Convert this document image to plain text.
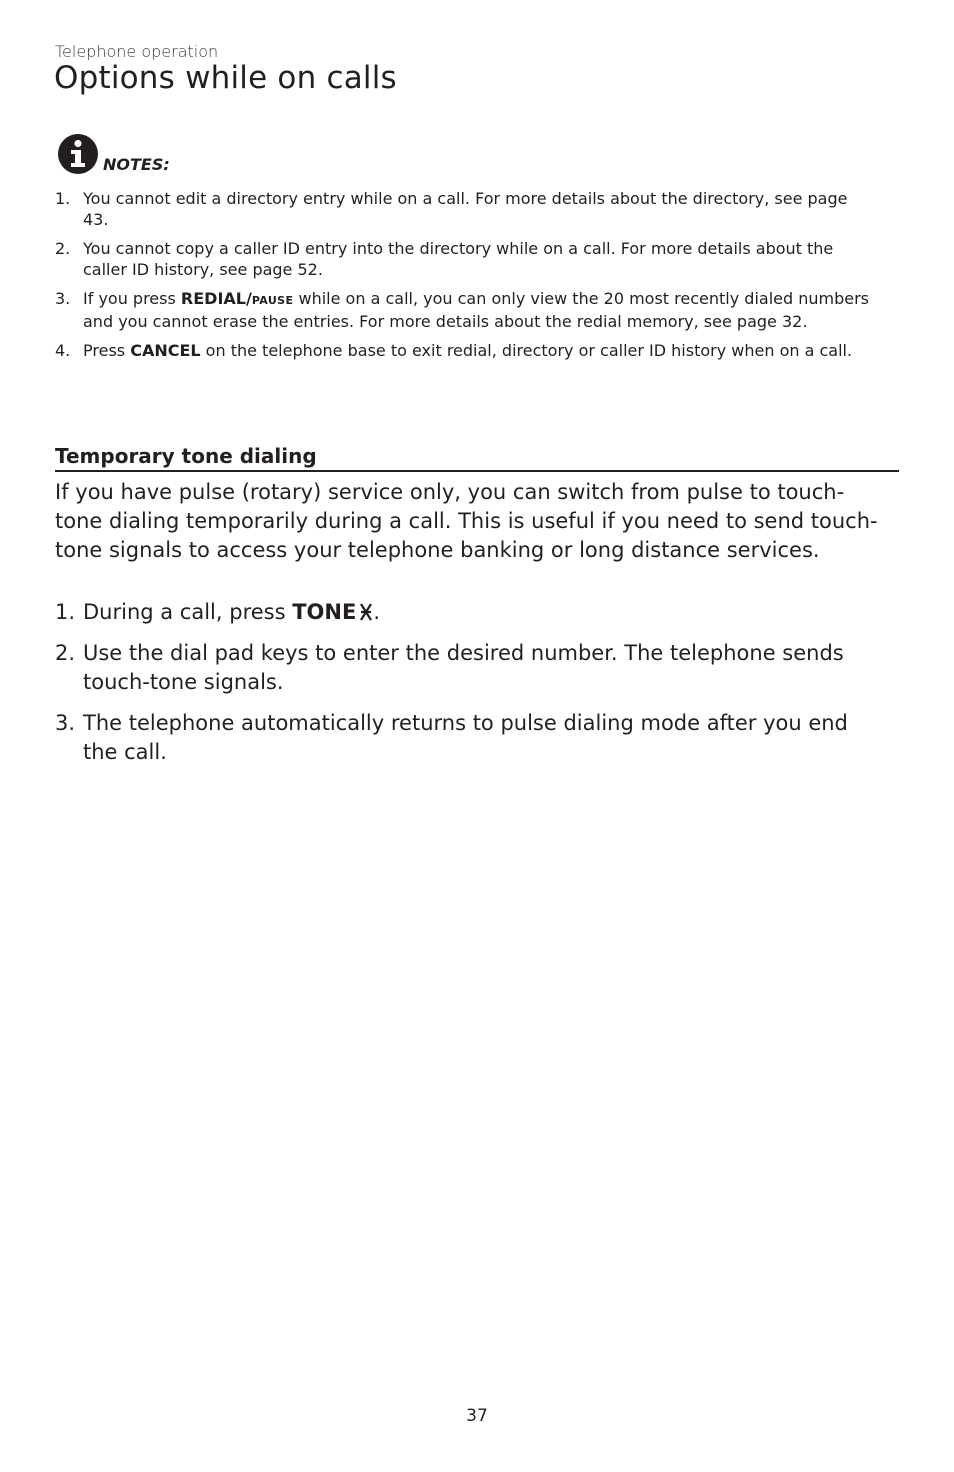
Telephone operation
Options while on calls
NOTES:
1. You cannot edit a directory entry while on a call. For more details about the directory, see page 43.
2. You cannot copy a caller ID entry into the directory while on a call. For more details about the caller ID history, see page 52.
3. If you press REDIAL/PAUSE while on a call, you can only view the 20 most recently dialed numbers and you cannot erase the entries. For more details about the redial memory, see page 32.
4. Press CANCEL on the telephone base to exit redial, directory or caller ID history when on a call.
Temporary tone dialing

If you have pulse (rotary) service only, you can switch from pulse to touch-tone dialing temporarily during a call. This is useful if you need to send touch-tone signals to access your telephone banking or long distance services.

1. During a call, press TONE .
2. Use the dial pad keys to enter the desired number. The telephone sends touch-tone signals.
3. The telephone automatically returns to pulse dialing mode after you end the call.
37
